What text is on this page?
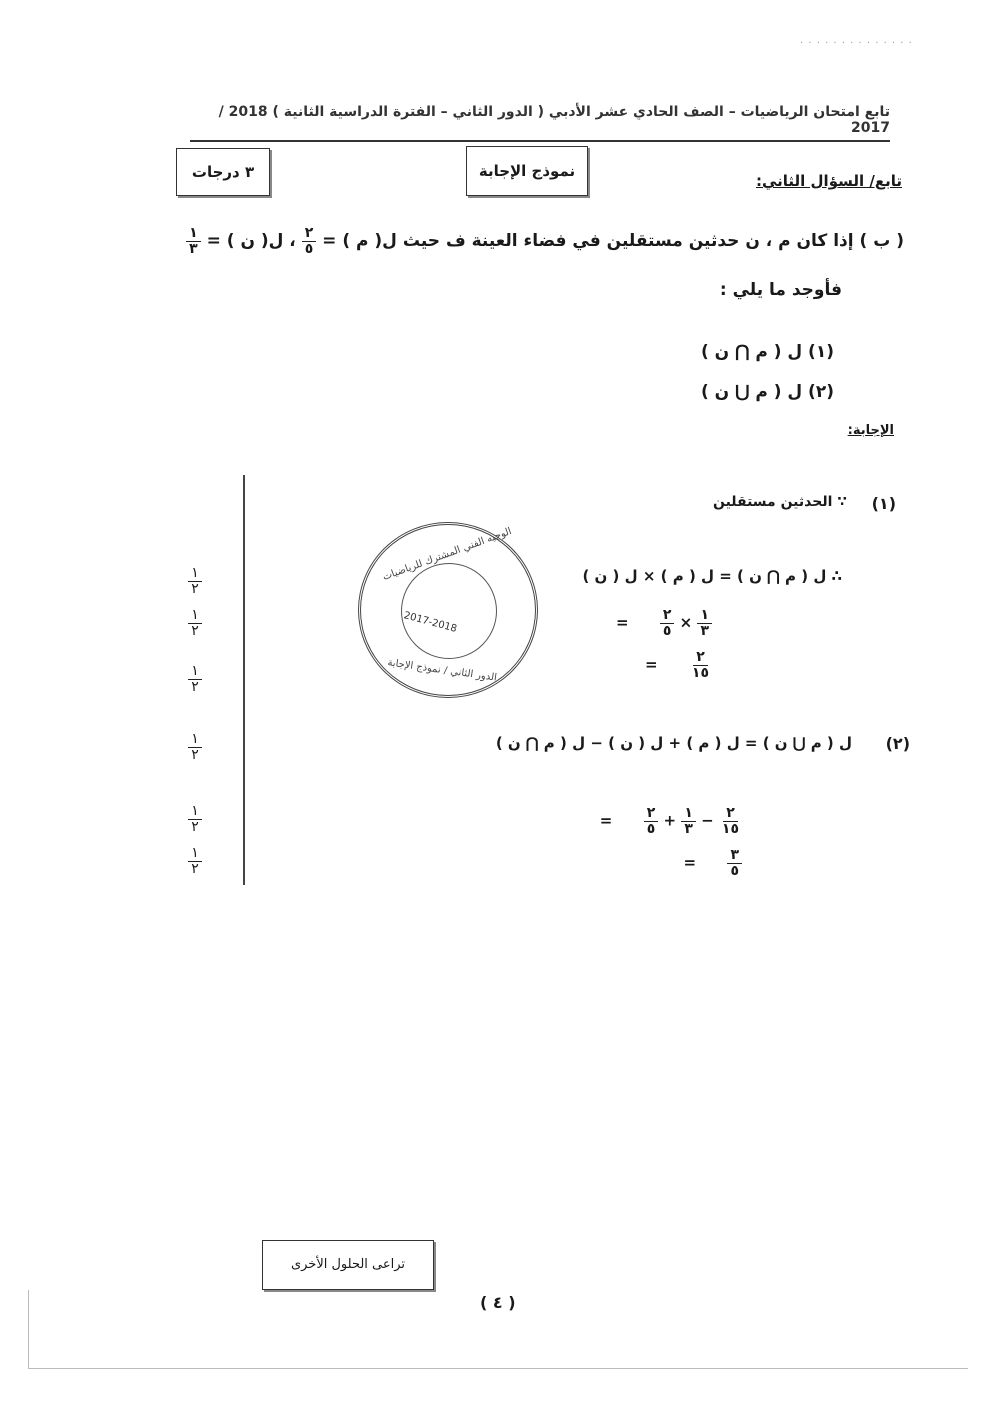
· · · · · · · · · · · · · ·
تابع امتحان الرياضيات – الصف الحادي عشر الأدبي ( الدور الثاني – الفترة الدراسية الثانية ) 2018 / 2017
٣ درجات	نموذج الإجابة
تابع/ السؤال الثاني:
( ب ) إذا كان م ، ن حدثين مستقلين في فضاء العينة ف حيث ل( م ) =
$\frac{٢}{٥}$
، ل( ن ) =
$\frac{١}{٣}$
فأوجد ما يلي :
(١) ل ( م ⋂ ن )
(٢) ل ( م ⋃ ن )
الإجابة:
الوجيه الفني المشترك للرياضيات
2017-2018
الدور الثاني / نموذج الإجابة
(١)
∵ الحدثين مستقلين
∴ ل ( م ⋂ ن ) = ل ( م ) × ل ( ن )
= $\frac{٢}{٥} \times \frac{١}{٣}$
= $\frac{٢}{١٥}$
(٢)
ل ( م ⋃ ن ) = ل ( م ) + ل ( ن ) − ل ( م ⋂ ن )
= $\frac{٢}{٥} + \frac{١}{٣} - \frac{٢}{١٥}$
= $\frac{٣}{٥}$
$\frac{١}{٢}$
$\frac{١}{٢}$
$\frac{١}{٢}$
$\frac{١}{٢}$
$\frac{١}{٢}$
$\frac{١}{٢}$
تراعى الحلول الأخرى
( ٤ )
